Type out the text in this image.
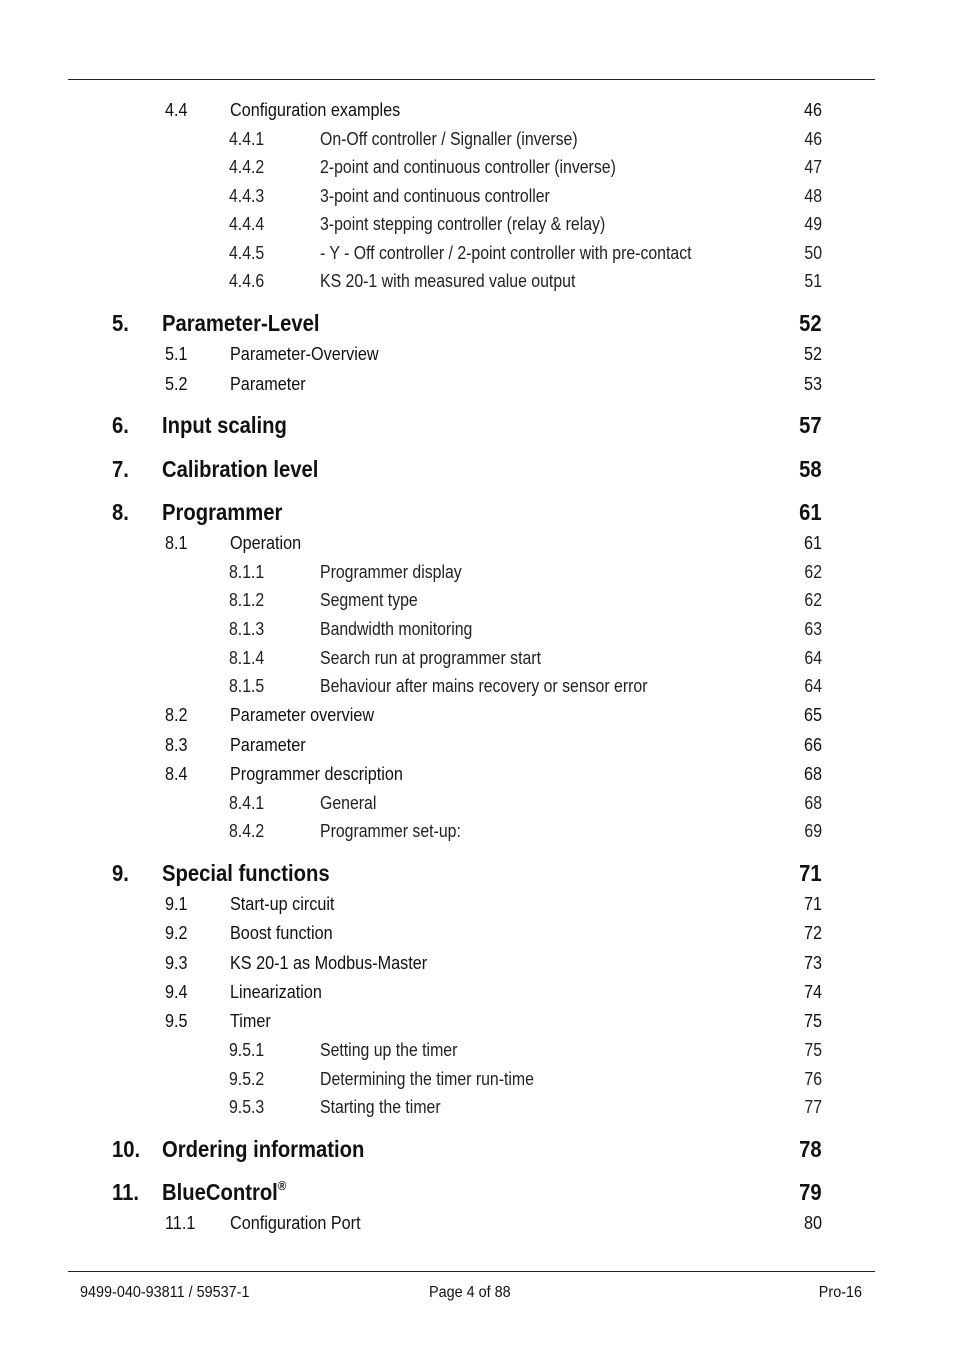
4.4 Configuration examples	46
4.4.1	On-Off controller / Signaller (inverse)	46
4.4.2	2-point and continuous controller (inverse)	47
4.4.3	3-point and continuous controller	48
4.4.4	3-point stepping controller (relay & relay)	49
4.4.5	- Y - Off controller / 2-point controller with pre-contact	50
4.4.6	KS 20-1 with measured value output	51
5. Parameter-Level	52
5.1 Parameter-Overview	52
5.2 Parameter	53
6. Input scaling	57
7. Calibration level	58
8. Programmer	61
8.1 Operation	61
8.1.1	Programmer display	62
8.1.2	Segment type	62
8.1.3	Bandwidth monitoring	63
8.1.4	Search run at programmer start	64
8.1.5	Behaviour after mains recovery or sensor error	64
8.2 Parameter overview	65
8.3 Parameter	66
8.4 Programmer description	68
8.4.1	General	68
8.4.2	Programmer set-up:	69
9. Special functions	71
9.1 Start-up circuit	71
9.2 Boost function	72
9.3 KS 20-1 as Modbus-Master	73
9.4 Linearization	74
9.5 Timer	75
9.5.1	Setting up the timer	75
9.5.2	Determining the timer run-time	76
9.5.3	Starting the timer	77
10. Ordering information	78
11. BlueControl®	79
11.1 Configuration Port	80
9499-040-93811 / 59537-1	Page 4 of 88	Pro-16
